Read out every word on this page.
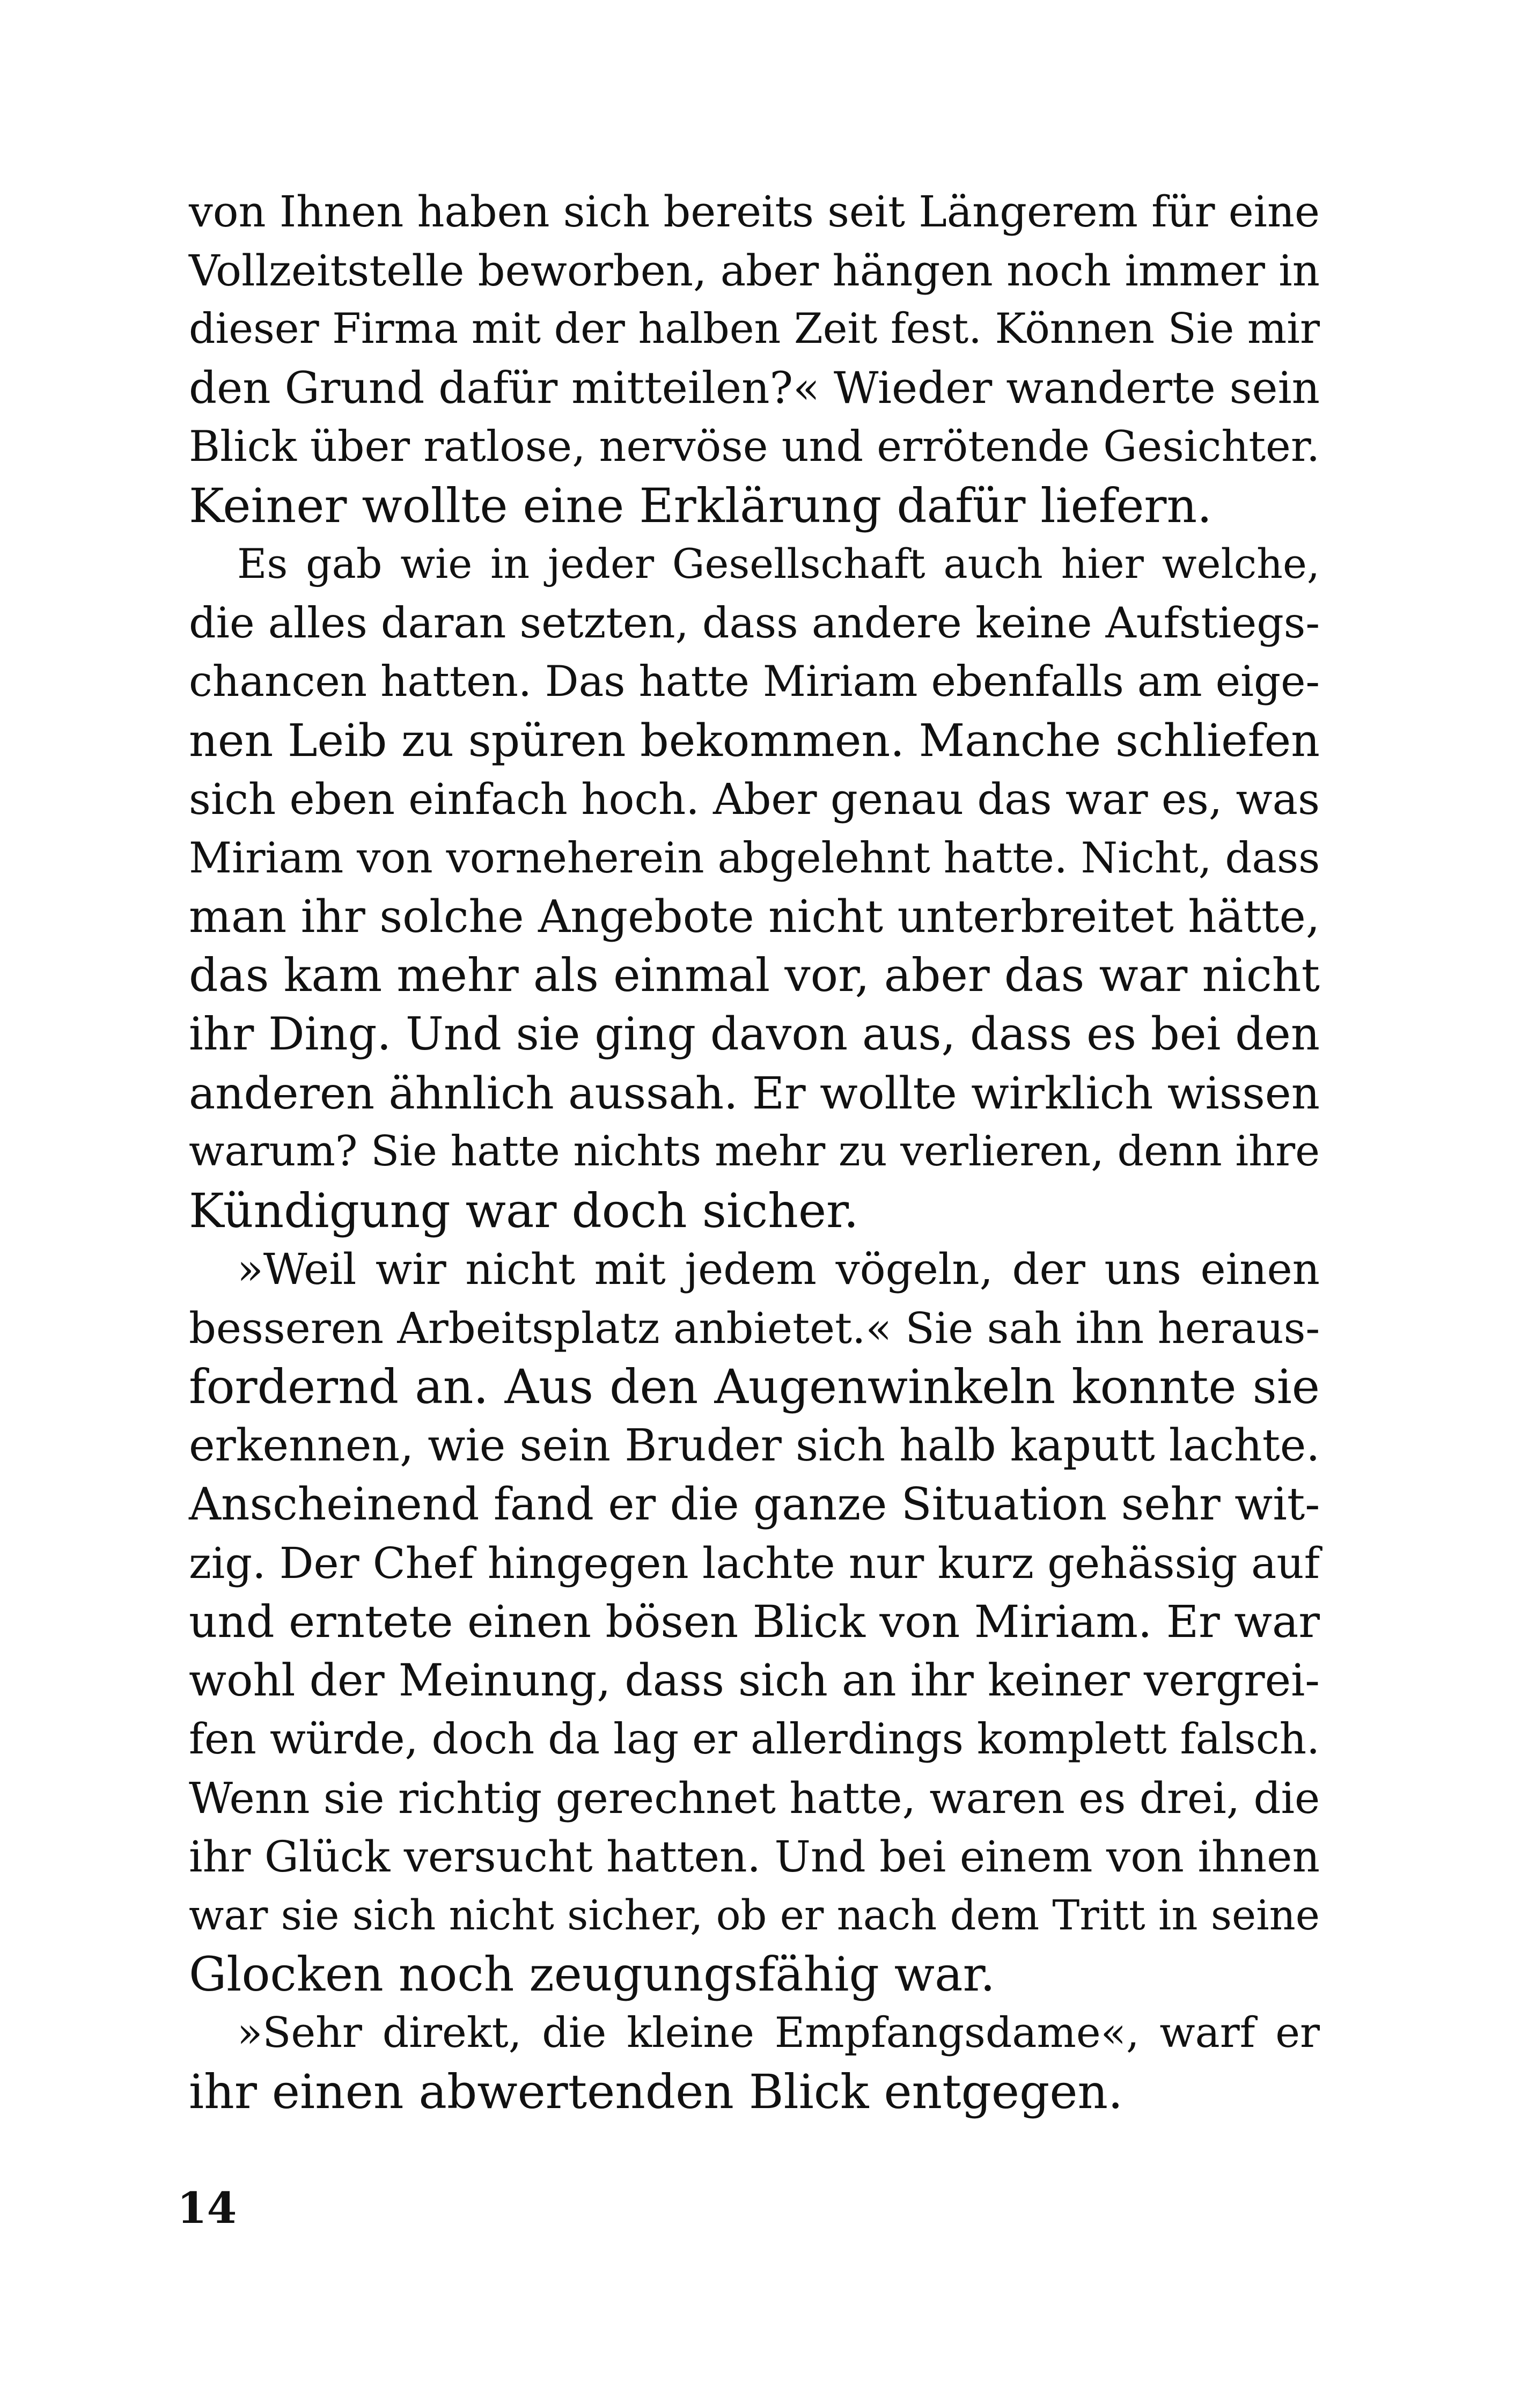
von Ihnen haben sich bereits seit Längerem für eine
Vollzeitstelle beworben, aber hängen noch immer in
dieser Firma mit der halben Zeit fest. Können Sie mir
den Grund dafür mitteilen?« Wieder wanderte sein
Blick über ratlose, nervöse und errötende Gesichter.
Keiner wollte eine Erklärung dafür liefern.
Es gab wie in jeder Gesellschaft auch hier welche,
die alles daran setzten, dass andere keine Aufstiegs-
chancen hatten. Das hatte Miriam ebenfalls am eige-
nen Leib zu spüren bekommen. Manche schliefen
sich eben einfach hoch. Aber genau das war es, was
Miriam von vorneherein abgelehnt hatte. Nicht, dass
man ihr solche Angebote nicht unterbreitet hätte,
das kam mehr als einmal vor, aber das war nicht
ihr Ding. Und sie ging davon aus, dass es bei den
anderen ähnlich aussah. Er wollte wirklich wissen
warum? Sie hatte nichts mehr zu verlieren, denn ihre
Kündigung war doch sicher.
»Weil wir nicht mit jedem vögeln, der uns einen
besseren Arbeitsplatz anbietet.« Sie sah ihn heraus-
fordernd an. Aus den Augenwinkeln konnte sie
erkennen, wie sein Bruder sich halb kaputt lachte.
Anscheinend fand er die ganze Situation sehr wit-
zig. Der Chef hingegen lachte nur kurz gehässig auf
und erntete einen bösen Blick von Miriam. Er war
wohl der Meinung, dass sich an ihr keiner vergrei-
fen würde, doch da lag er allerdings komplett falsch.
Wenn sie richtig gerechnet hatte, waren es drei, die
ihr Glück versucht hatten. Und bei einem von ihnen
war sie sich nicht sicher, ob er nach dem Tritt in seine
Glocken noch zeugungsfähig war.
»Sehr direkt, die kleine Empfangsdame«, warf er
ihr einen abwertenden Blick entgegen.
14
